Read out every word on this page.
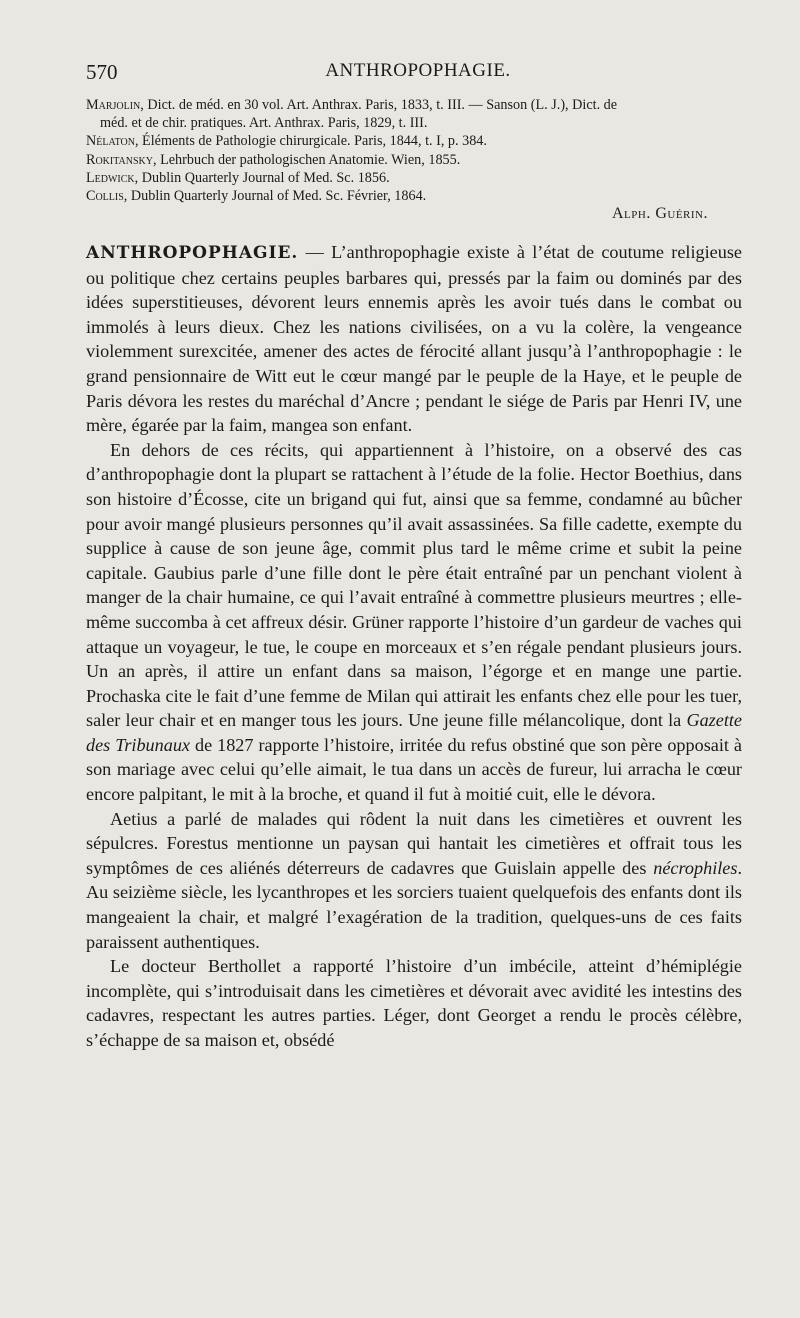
570	ANTHROPOPHAGIE.

Marjolin, Dict. de méd. en 30 vol. Art. Anthrax. Paris, 1833, t. III. — Sanson (L. J.), Dict. de

méd. et de chir. pratiques. Art. Anthrax. Paris, 1829, t. III.

Nélaton, Éléments de Pathologie chirurgicale. Paris, 1844, t. I, p. 384.

Rokitansky, Lehrbuch der pathologischen Anatomie. Wien, 1855.

Ledwick, Dublin Quarterly Journal of Med. Sc. 1856.

Collis, Dublin Quarterly Journal of Med. Sc. Février, 1864.

Alph. Guérin.

ANTHROPOPHAGIE. — L’anthropophagie existe à l’état de coutume religieuse ou politique chez certains peuples barbares qui, pressés par la faim ou dominés par des idées superstitieuses, dévorent leurs ennemis après les avoir tués dans le combat ou immolés à leurs dieux. Chez les nations civilisées, on a vu la colère, la vengeance violemment surexcitée, amener des actes de férocité allant jusqu’à l’anthropophagie : le grand pensionnaire de Witt eut le cœur mangé par le peuple de la Haye, et le peuple de Paris dévora les restes du maréchal d’Ancre ; pendant le siége de Paris par Henri IV, une mère, égarée par la faim, mangea son enfant.

En dehors de ces récits, qui appartiennent à l’histoire, on a observé des cas d’anthropophagie dont la plupart se rattachent à l’étude de la folie. Hector Boethius, dans son histoire d’Écosse, cite un brigand qui fut, ainsi que sa femme, condamné au bûcher pour avoir mangé plusieurs personnes qu’il avait assassinées. Sa fille cadette, exempte du supplice à cause de son jeune âge, commit plus tard le même crime et subit la peine capitale. Gaubius parle d’une fille dont le père était entraîné par un penchant violent à manger de la chair humaine, ce qui l’avait entraîné à commettre plusieurs meurtres ; elle-même succomba à cet affreux désir. Grüner rapporte l’histoire d’un gardeur de vaches qui attaque un voyageur, le tue, le coupe en morceaux et s’en régale pendant plusieurs jours. Un an après, il attire un enfant dans sa maison, l’égorge et en mange une partie. Prochaska cite le fait d’une femme de Milan qui attirait les enfants chez elle pour les tuer, saler leur chair et en manger tous les jours. Une jeune fille mélancolique, dont la Gazette des Tribunaux de 1827 rapporte l’histoire, irritée du refus obstiné que son père opposait à son mariage avec celui qu’elle aimait, le tua dans un accès de fureur, lui arracha le cœur encore palpitant, le mit à la broche, et quand il fut à moitié cuit, elle le dévora.

Aetius a parlé de malades qui rôdent la nuit dans les cimetières et ouvrent les sépulcres. Forestus mentionne un paysan qui hantait les cimetières et offrait tous les symptômes de ces aliénés déterreurs de cadavres que Guislain appelle des nécrophiles. Au seizième siècle, les lycanthropes et les sorciers tuaient quelquefois des enfants dont ils mangeaient la chair, et malgré l’exagération de la tradition, quelques-uns de ces faits paraissent authentiques.

Le docteur Berthollet a rapporté l’histoire d’un imbécile, atteint d’hémiplégie incomplète, qui s’introduisait dans les cimetières et dévorait avec avidité les intestins des cadavres, respectant les autres parties. Léger, dont Georget a rendu le procès célèbre, s’échappe de sa maison et, obsédé
